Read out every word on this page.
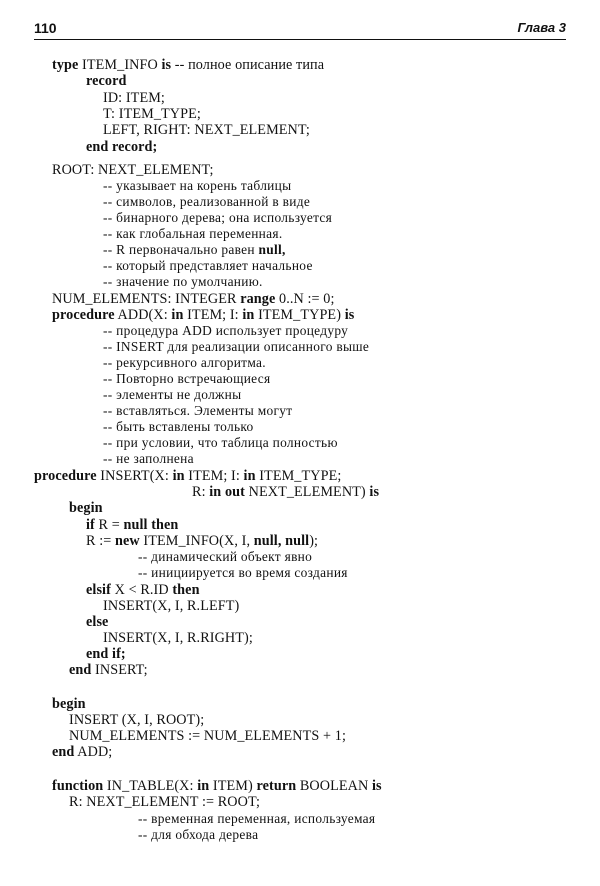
110	Глава 3
type ITEM_INFO is -- полное описание типа
record
ID: ITEM;
T: ITEM_TYPE;
LEFT, RIGHT: NEXT_ELEMENT;
end record;
ROOT: NEXT_ELEMENT;
-- указывает на корень таблицы
-- символов, реализованной в виде
-- бинарного дерева; она используется
-- как глобальная переменная.
-- R первоначально равен null,
-- который представляет начальное
-- значение по умолчанию.
NUM_ELEMENTS: INTEGER range 0..N := 0;
procedure ADD(X: in ITEM; I: in ITEM_TYPE) is
-- процедура ADD использует процедуру
-- INSERT для реализации описанного выше
-- рекурсивного алгоритма.
-- Повторно встречающиеся
-- элементы не должны
-- вставляться. Элементы могут
-- быть вставлены только
-- при условии, что таблица полностью
-- не заполнена
procedure INSERT(X: in ITEM; I: in ITEM_TYPE;
R: in out NEXT_ELEMENT) is
begin
if R = null then
R := new ITEM_INFO(X, I, null, null);
-- динамический объект явно
-- инициируется во время создания
elsif X < R.ID then
INSERT(X, I, R.LEFT)
else
INSERT(X, I, R.RIGHT);
end if;
end INSERT;
begin
INSERT (X, I, ROOT);
NUM_ELEMENTS := NUM_ELEMENTS + 1;
end ADD;
function IN_TABLE(X: in ITEM) return BOOLEAN is
R: NEXT_ELEMENT := ROOT;
-- временная переменная, используемая
-- для обхода дерева
